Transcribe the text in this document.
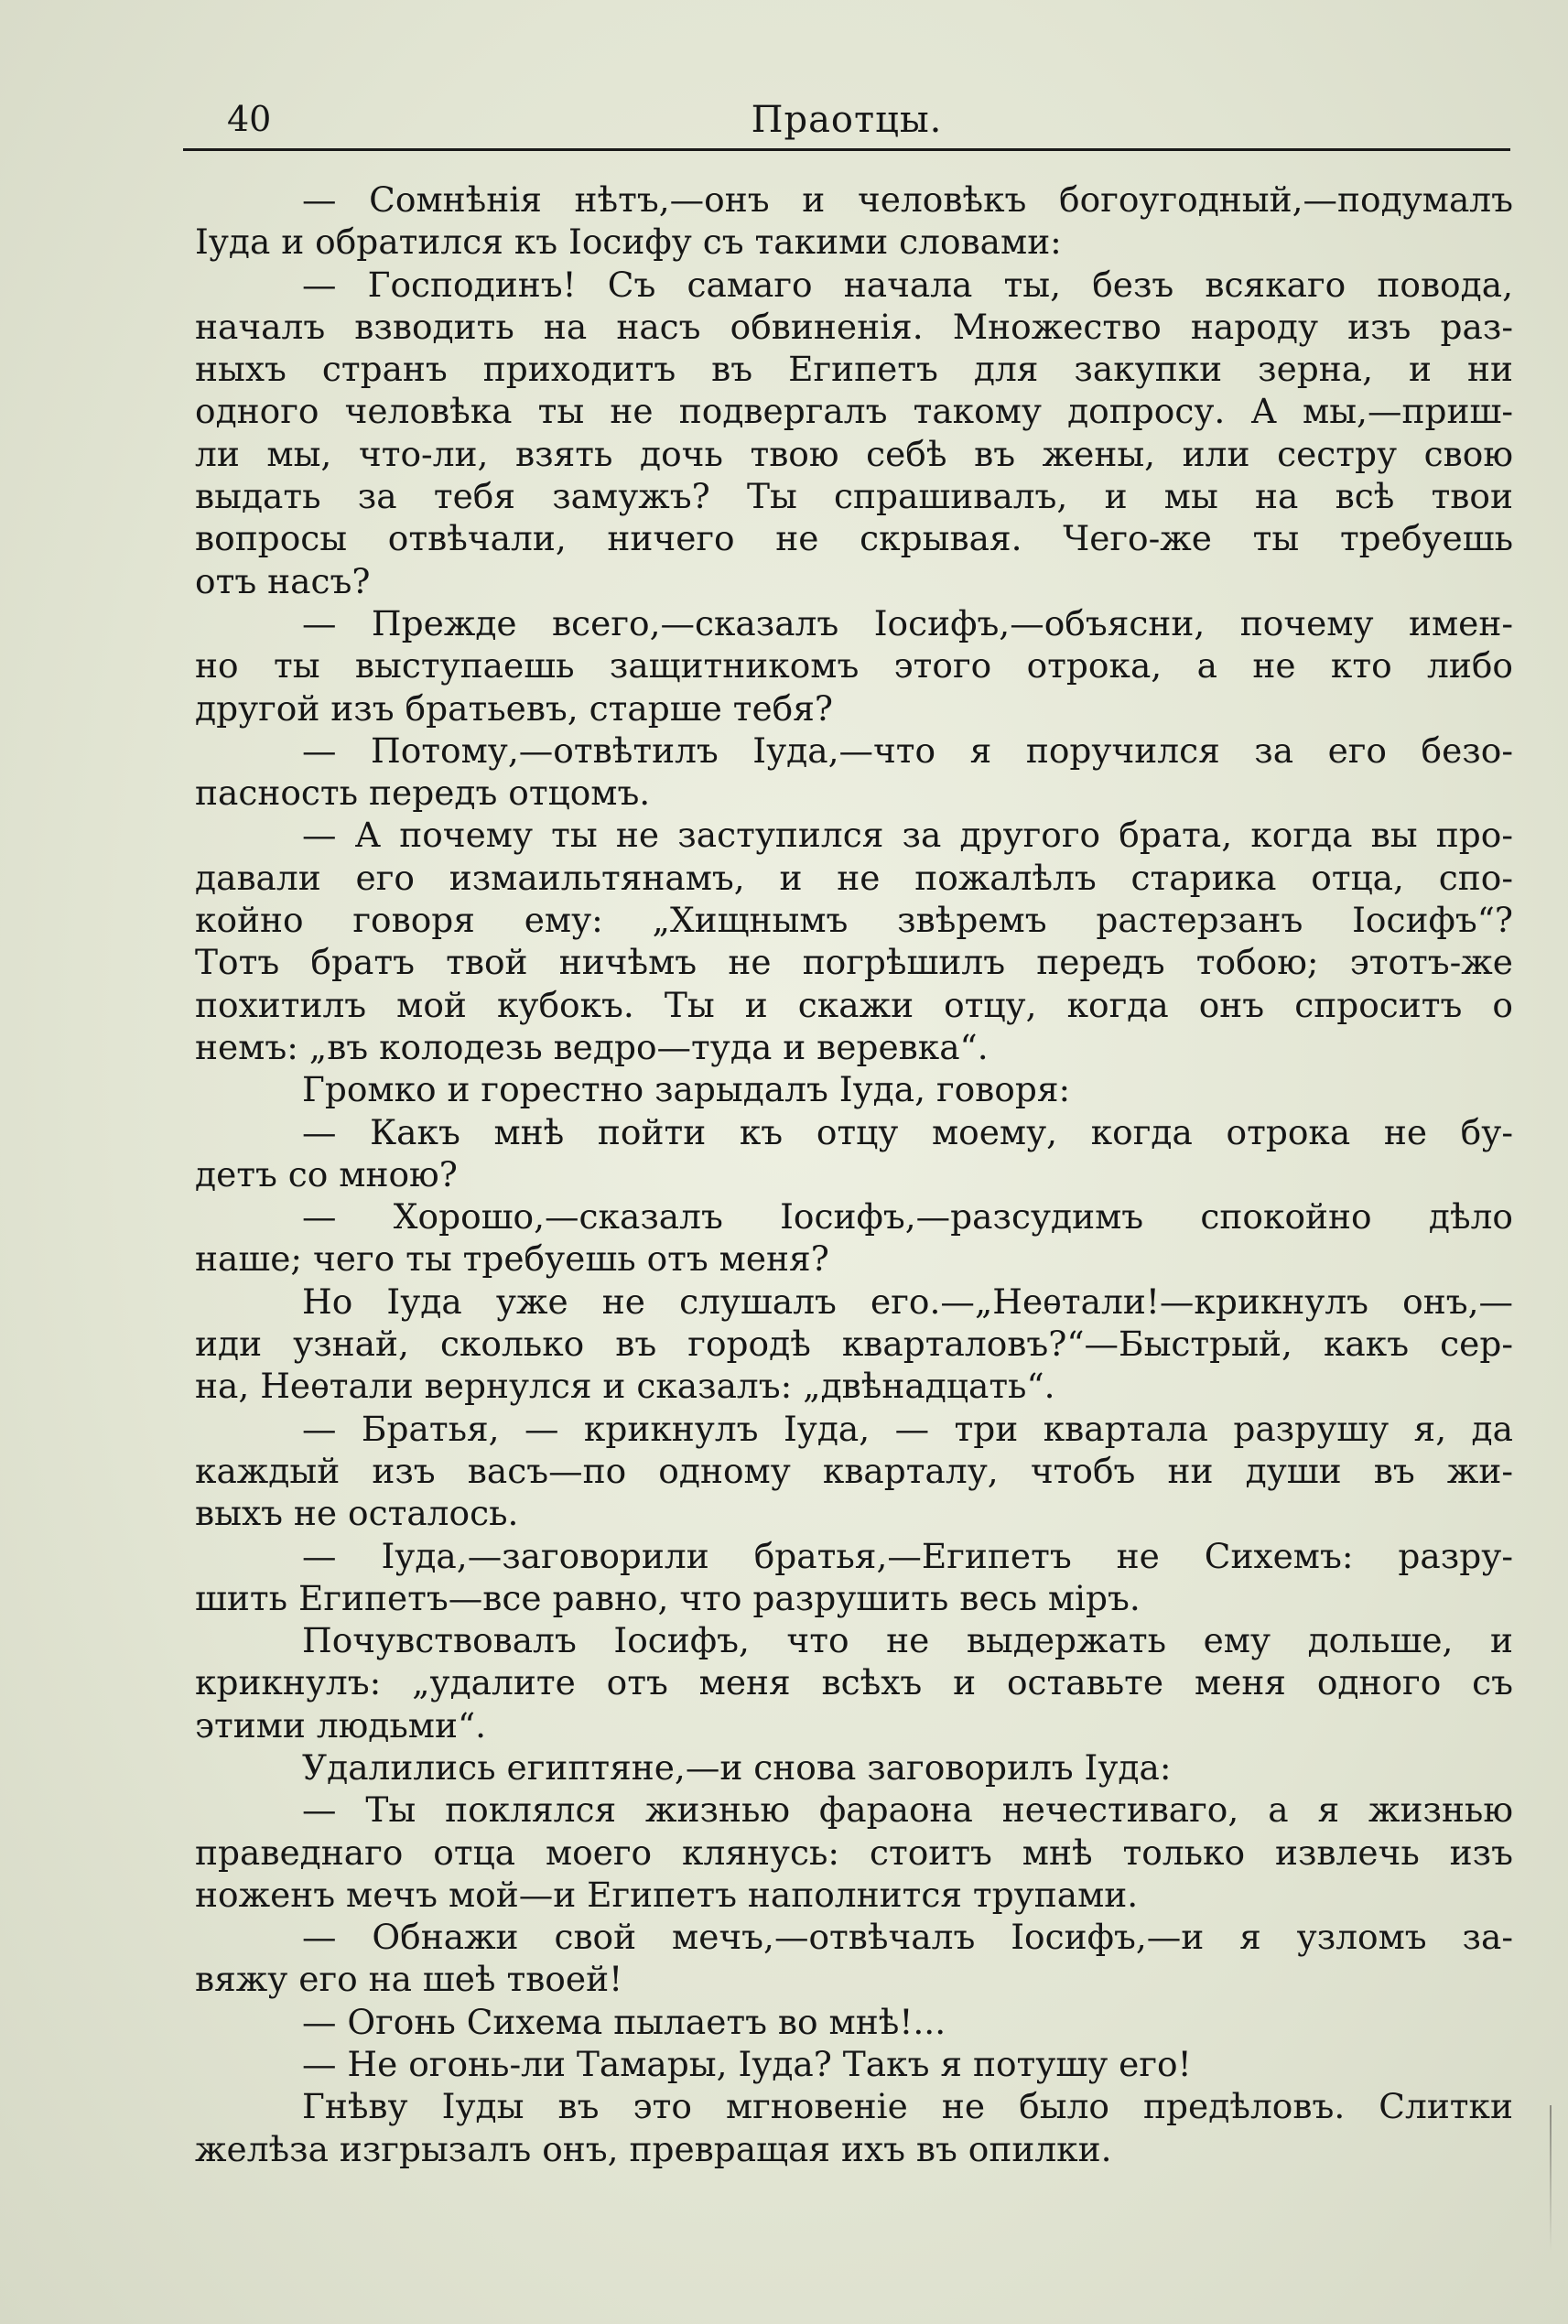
40	Праотцы.
— Сомнѣнія нѣтъ,—онъ и человѣкъ богоугодный,—подумалъ
Іуда и обратился къ Іосифу съ такими словами:
— Господинъ! Съ самаго начала ты, безъ всякаго повода,
началъ взводить на насъ обвиненія. Множество народу изъ раз-
ныхъ странъ приходитъ въ Египетъ для закупки зерна, и ни
одного человѣка ты не подвергалъ такому допросу. А мы,—приш-
ли мы, что-ли, взять дочь твою себѣ въ жены, или сестру свою
выдать за тебя замужъ? Ты спрашивалъ, и мы на всѣ твои
вопросы отвѣчали, ничего не скрывая. Чего-же ты требуешь
отъ насъ?
— Прежде всего,—сказалъ Іосифъ,—объясни, почему имен-
но ты выступаешь защитникомъ этого отрока, а не кто либо
другой изъ братьевъ, старше тебя?
— Потому,—отвѣтилъ Іуда,—что я поручился за его безо-
пасность передъ отцомъ.
— А почему ты не заступился за другого брата, когда вы про-
давали его измаильтянамъ, и не пожалѣлъ старика отца, спо-
койно говоря ему: „Хищнымъ звѣремъ растерзанъ Іосифъ“?
Тотъ братъ твой ничѣмъ не погрѣшилъ передъ тобою; этотъ-же
похитилъ мой кубокъ. Ты и скажи отцу, когда онъ спроситъ о
немъ: „въ колодезь ведро—туда и веревка“.
Громко и горестно зарыдалъ Іуда, говоря:
— Какъ мнѣ пойти къ отцу моему, когда отрока не бу-
детъ со мною?
— Хорошо,—сказалъ Іосифъ,—разсудимъ спокойно дѣло
наше; чего ты требуешь отъ меня?
Но Іуда уже не слушалъ его.—„Неѳтали!—крикнулъ онъ,—
иди узнай, сколько въ городѣ кварталовъ?“—Быстрый, какъ сер-
на, Неѳтали вернулся и сказалъ: „двѣнадцать“.
— Братья, — крикнулъ Іуда, — три квартала разрушу я, да
каждый изъ васъ—по одному кварталу, чтобъ ни души въ жи-
выхъ не осталось.
— Іуда,—заговорили братья,—Египетъ не Сихемъ: разру-
шить Египетъ—все равно, что разрушить весь міръ.
Почувствовалъ Іосифъ, что не выдержать ему дольше, и
крикнулъ: „удалите отъ меня всѣхъ и оставьте меня одного съ
этими людьми“.
Удалились египтяне,—и снова заговорилъ Іуда:
— Ты поклялся жизнью фараона нечестиваго, а я жизнью
праведнаго отца моего клянусь: стоитъ мнѣ только извлечь изъ
ноженъ мечъ мой—и Египетъ наполнится трупами.
— Обнажи свой мечъ,—отвѣчалъ Іосифъ,—и я узломъ за-
вяжу его на шеѣ твоей!
— Огонь Сихема пылаетъ во мнѣ!...
— Не огонь-ли Тамары, Іуда? Такъ я потушу его!
Гнѣву Іуды въ это мгновеніе не было предѣловъ. Слитки
желѣза изгрызалъ онъ, превращая ихъ въ опилки.
